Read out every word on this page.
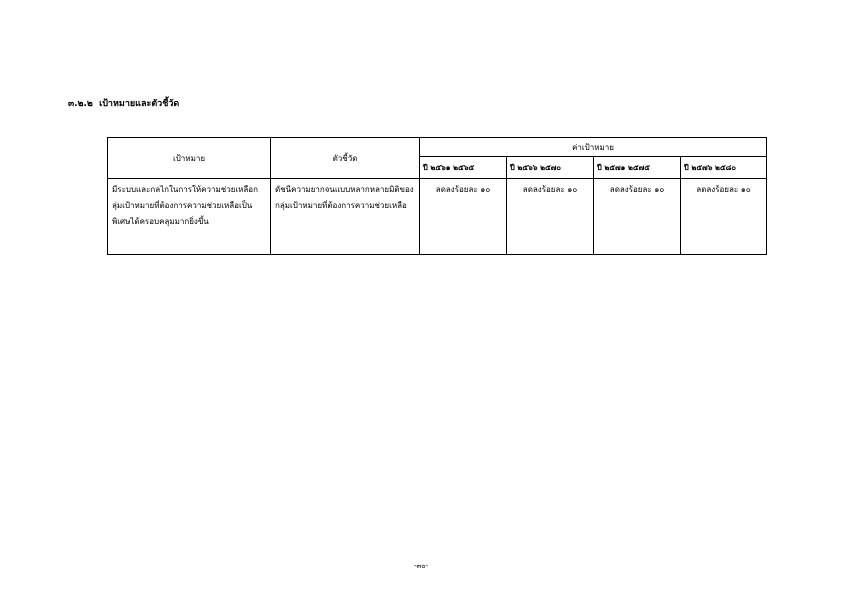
๓.๒.๒ เป้าหมายและตัวชี้วัด
เป้าหมาย	ตัวชี้วัด	ค่าเป้าหมาย			
		ปี ๒๕๖๑ ๒๕๖๕	ปี ๒๕๖๖ ๒๕๗๐	ปี ๒๕๗๑ ๒๕๗๕	ปี ๒๕๗๖ ๒๕๘๐
มีระบบและกลไกในการให้ความช่วยเหลือกลุ่มเป้าหมายที่ต้องการความช่วยเหลือเป็นพิเศษได้ครอบคลุมมากยิ่งขึ้น	ดัชนีความยากจนแบบหลากหลายมิติของกลุ่มเป้าหมายที่ต้องการความช่วยเหลือ	ลดลงร้อยละ ๑๐	ลดลงร้อยละ ๑๐	ลดลงร้อยละ ๑๐	ลดลงร้อยละ ๑๐
-๓๐-
